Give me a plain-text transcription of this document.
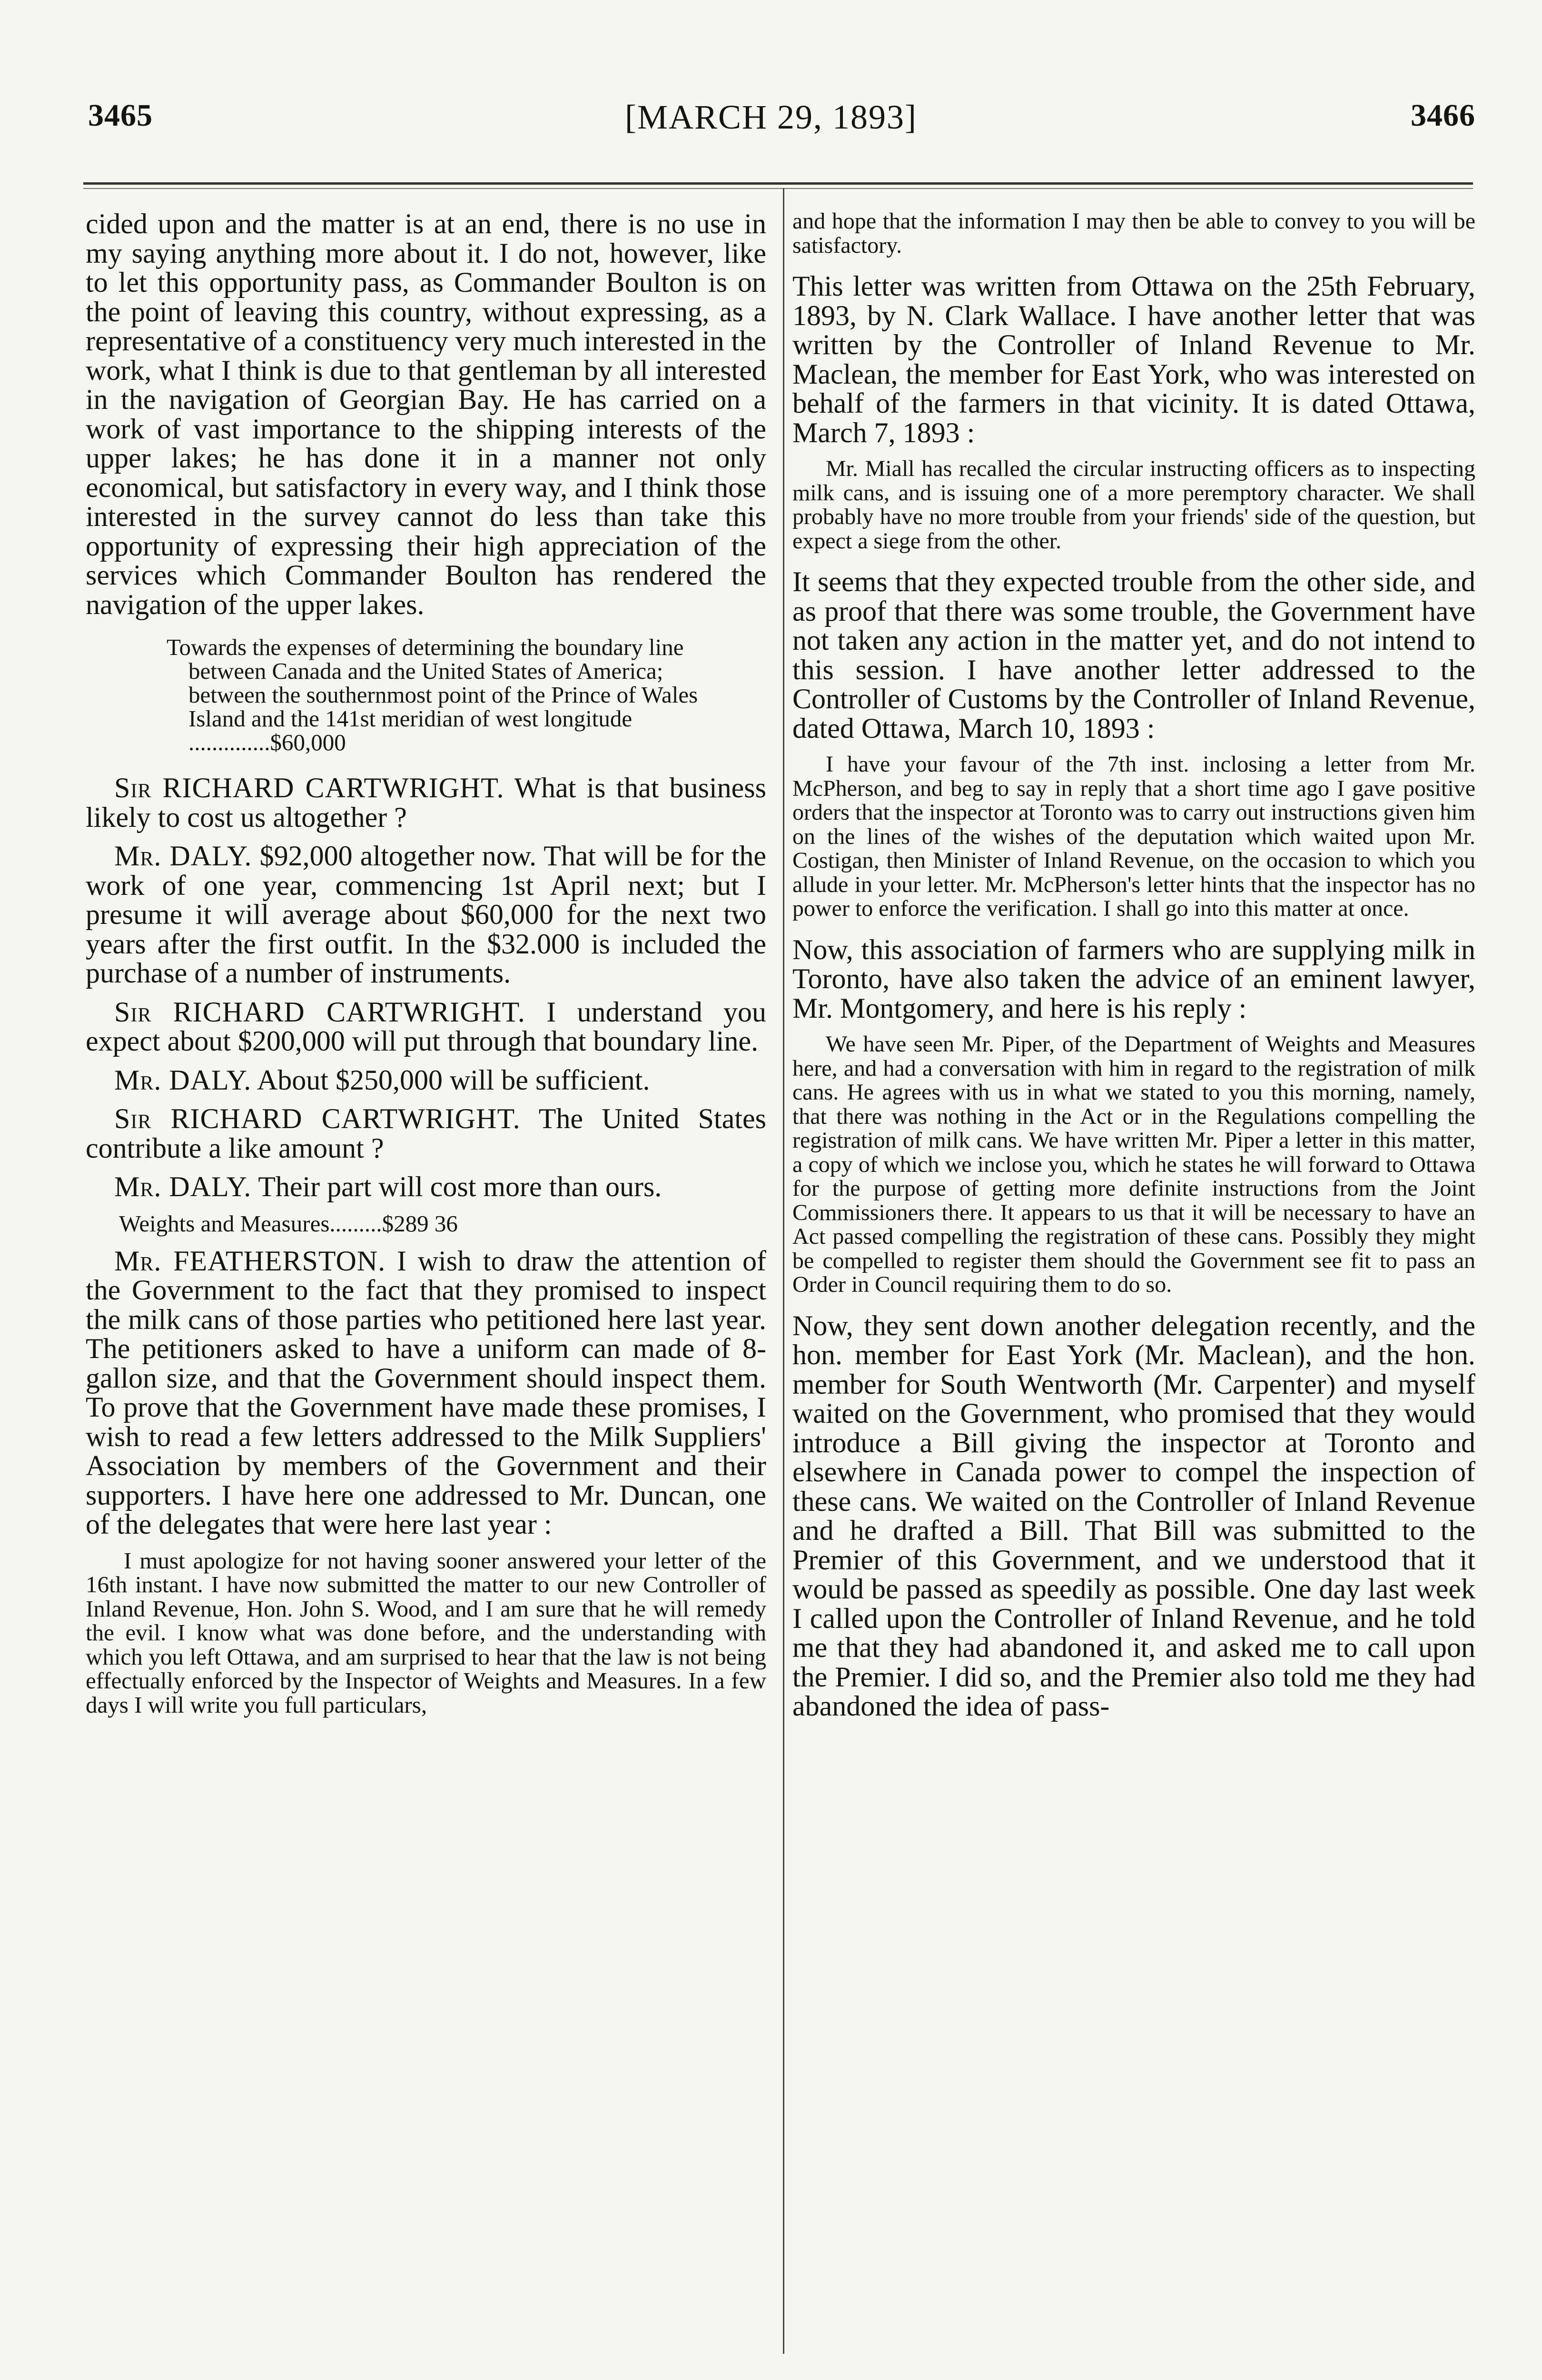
3465	[MARCH 29, 1893]	3466

cided upon and the matter is at an end, there is no use in my saying anything more about it. I do not, however, like to let this opportunity pass, as Commander Boulton is on the point of leaving this country, without expressing, as a representative of a constituency very much interested in the work, what I think is due to that gentleman by all interested in the navigation of Georgian Bay. He has carried on a work of vast importance to the shipping interests of the upper lakes; he has done it in a manner not only economical, but satisfactory in every way, and I think those interested in the survey cannot do less than take this opportunity of expressing their high appreciation of the services which Commander Boulton has rendered the navigation of the upper lakes.

Towards the expenses of determining the boundary line between Canada and the United States of America; between the southernmost point of the Prince of Wales Island and the 141st meridian of west longitude ..............$60,000

Sir RICHARD CARTWRIGHT. What is that business likely to cost us altogether ?

Mr. DALY. $92,000 altogether now. That will be for the work of one year, commencing 1st April next; but I presume it will average about $60,000 for the next two years after the first outfit. In the $32.000 is included the purchase of a number of instruments.

Sir RICHARD CARTWRIGHT. I understand you expect about $200,000 will put through that boundary line.

Mr. DALY. About $250,000 will be sufficient.

Sir RICHARD CARTWRIGHT. The United States contribute a like amount ?

Mr. DALY. Their part will cost more than ours.

Weights and Measures.........$289 36

Mr. FEATHERSTON. I wish to draw the attention of the Government to the fact that they promised to inspect the milk cans of those parties who petitioned here last year. The petitioners asked to have a uniform can made of 8-gallon size, and that the Government should inspect them. To prove that the Government have made these promises, I wish to read a few letters addressed to the Milk Suppliers' Association by members of the Government and their supporters. I have here one addressed to Mr. Duncan, one of the delegates that were here last year :

I must apologize for not having sooner answered your letter of the 16th instant. I have now submitted the matter to our new Controller of Inland Revenue, Hon. John S. Wood, and I am sure that he will remedy the evil. I know what was done before, and the understanding with which you left Ottawa, and am surprised to hear that the law is not being effectually enforced by the Inspector of Weights and Measures. In a few days I will write you full particulars,

and hope that the information I may then be able to convey to you will be satisfactory.

This letter was written from Ottawa on the 25th February, 1893, by N. Clark Wallace. I have another letter that was written by the Controller of Inland Revenue to Mr. Maclean, the member for East York, who was interested on behalf of the farmers in that vicinity. It is dated Ottawa, March 7, 1893 :

Mr. Miall has recalled the circular instructing officers as to inspecting milk cans, and is issuing one of a more peremptory character. We shall probably have no more trouble from your friends' side of the question, but expect a siege from the other.

It seems that they expected trouble from the other side, and as proof that there was some trouble, the Government have not taken any action in the matter yet, and do not intend to this session. I have another letter addressed to the Controller of Customs by the Controller of Inland Revenue, dated Ottawa, March 10, 1893 :

I have your favour of the 7th inst. inclosing a letter from Mr. McPherson, and beg to say in reply that a short time ago I gave positive orders that the inspector at Toronto was to carry out instructions given him on the lines of the wishes of the deputation which waited upon Mr. Costigan, then Minister of Inland Revenue, on the occasion to which you allude in your letter. Mr. McPherson's letter hints that the inspector has no power to enforce the verification. I shall go into this matter at once.

Now, this association of farmers who are supplying milk in Toronto, have also taken the advice of an eminent lawyer, Mr. Montgomery, and here is his reply :

We have seen Mr. Piper, of the Department of Weights and Measures here, and had a conversation with him in regard to the registration of milk cans. He agrees with us in what we stated to you this morning, namely, that there was nothing in the Act or in the Regulations compelling the registration of milk cans. We have written Mr. Piper a letter in this matter, a copy of which we inclose you, which he states he will forward to Ottawa for the purpose of getting more definite instructions from the Joint Commissioners there. It appears to us that it will be necessary to have an Act passed compelling the registration of these cans. Possibly they might be compelled to register them should the Government see fit to pass an Order in Council requiring them to do so.

Now, they sent down another delegation recently, and the hon. member for East York (Mr. Maclean), and the hon. member for South Wentworth (Mr. Carpenter) and myself waited on the Government, who promised that they would introduce a Bill giving the inspector at Toronto and elsewhere in Canada power to compel the inspection of these cans. We waited on the Controller of Inland Revenue and he drafted a Bill. That Bill was submitted to the Premier of this Government, and we understood that it would be passed as speedily as possible. One day last week I called upon the Controller of Inland Revenue, and he told me that they had abandoned it, and asked me to call upon the Premier. I did so, and the Premier also told me they had abandoned the idea of pass-
